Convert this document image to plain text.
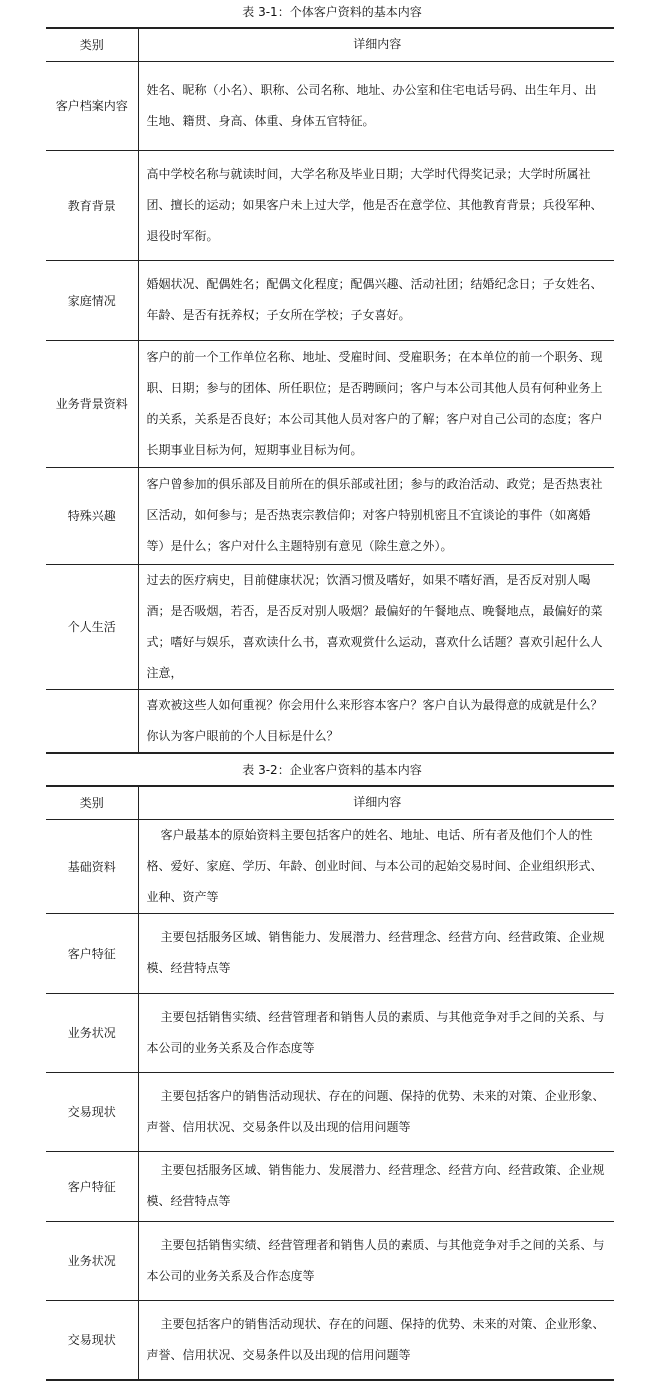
表 3-1：个体客户资料的基本内容
类别	详细内容
客户档案内容	姓名、昵称（小名）、职称、公司名称、地址、办公室和住宅电话号码、出生年月、出生地、籍贯、身高、体重、身体五官特征。
教育背景	高中学校名称与就读时间，大学名称及毕业日期；大学时代得奖记录；大学时所属社团、擅长的运动；如果客户未上过大学，他是否在意学位、其他教育背景；兵役军种、退役时军衔。
家庭情况	婚姻状况、配偶姓名；配偶文化程度；配偶兴趣、活动社团；结婚纪念日；子女姓名、年龄、是否有抚养权；子女所在学校；子女喜好。
业务背景资料	客户的前一个工作单位名称、地址、受雇时间、受雇职务；在本单位的前一个职务、现职、日期；参与的团体、所任职位；是否聘顾问；客户与本公司其他人员有何种业务上的关系，关系是否良好；本公司其他人员对客户的了解；客户对自己公司的态度；客户长期事业目标为何，短期事业目标为何。
特殊兴趣	客户曾参加的俱乐部及目前所在的俱乐部或社团；参与的政治活动、政党；是否热衷社区活动，如何参与；是否热衷宗教信仰；对客户特别机密且不宜谈论的事件（如离婚等）是什么；客户对什么主题特别有意见（除生意之外）。
个人生活	过去的医疗病史，目前健康状况；饮酒习惯及嗜好，如果不嗜好酒，是否反对别人喝酒；是否吸烟，若否，是否反对别人吸烟？最偏好的午餐地点、晚餐地点，最偏好的菜式；嗜好与娱乐，喜欢读什么书，喜欢观赏什么运动，喜欢什么话题？喜欢引起什么人注意，
	喜欢被这些人如何重视？你会用什么来形容本客户？客户自认为最得意的成就是什么？你认为客户眼前的个人目标是什么？
表 3-2：企业客户资料的基本内容
类别	详细内容
基础资料	客户最基本的原始资料主要包括客户的姓名、地址、电话、所有者及他们个人的性格、爱好、家庭、学历、年龄、创业时间、与本公司的起始交易时间、企业组织形式、业种、资产等
客户特征	主要包括服务区域、销售能力、发展潜力、经营理念、经营方向、经营政策、企业规模、经营特点等
业务状况	主要包括销售实绩、经营管理者和销售人员的素质、与其他竞争对手之间的关系、与本公司的业务关系及合作态度等
交易现状	主要包括客户的销售活动现状、存在的问题、保持的优势、未来的对策、企业形象、声誉、信用状况、交易条件以及出现的信用问题等
客户特征	主要包括服务区域、销售能力、发展潜力、经营理念、经营方向、经营政策、企业规模、经营特点等
业务状况	主要包括销售实绩、经营管理者和销售人员的素质、与其他竞争对手之间的关系、与本公司的业务关系及合作态度等
交易现状	主要包括客户的销售活动现状、存在的问题、保持的优势、未来的对策、企业形象、声誉、信用状况、交易条件以及出现的信用问题等
